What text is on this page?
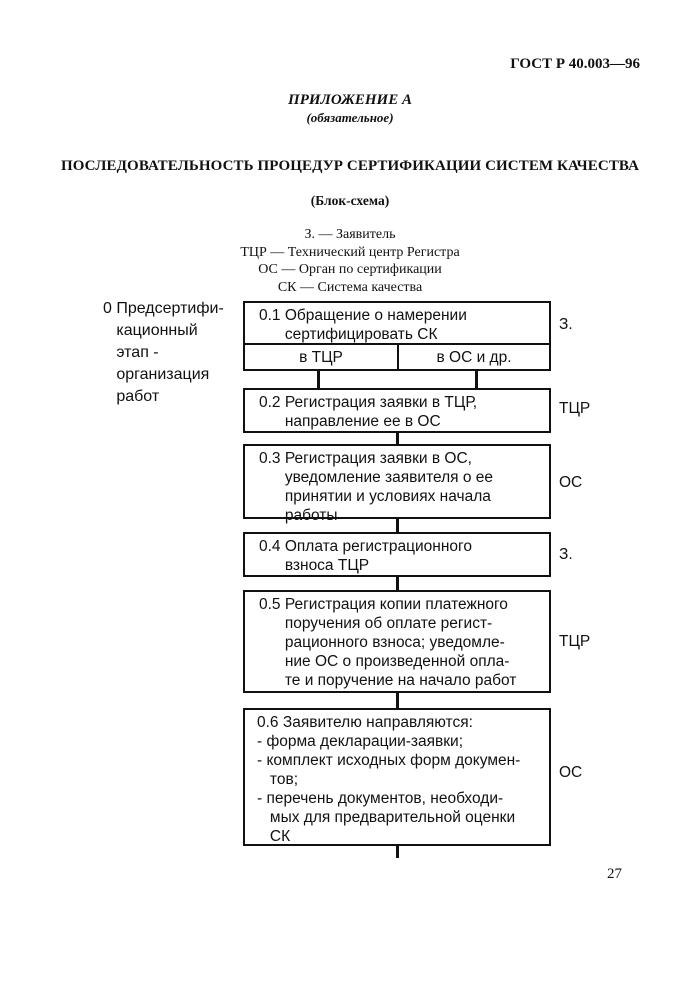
ГОСТ Р 40.003—96
ПРИЛОЖЕНИЕ А
(обязательное)
ПОСЛЕДОВАТЕЛЬНОСТЬ ПРОЦЕДУР СЕРТИФИКАЦИИ СИСТЕМ КАЧЕСТВА
(Блок-схема)
З. — Заявитель
ТЦР — Технический центр Регистра
ОС — Орган по сертификации
СК — Система качества
0 Предсертифи-
кационный
этап -
организация
работ
0.1 Обращение о намерении
сертифицировать СК
в ТЦР	в ОС и др.
З.
0.2 Регистрация заявки в ТЦР,
направление ее в ОС
ТЦР
0.3 Регистрация заявки в ОС,
уведомление заявителя о ее
принятии и условиях начала
работы
ОС
0.4 Оплата регистрационного
взноса ТЦР
З.
0.5 Регистрация копии платежного
поручения об оплате регист-
рационного взноса; уведомле-
ние ОС о произведенной опла-
те и поручение на начало работ
ТЦР
0.6 Заявителю направляются:
- форма декларации-заявки;
- комплект исходных форм докумен-
тов;
- перечень документов, необходи-
мых для предварительной оценки
СК
ОС
27
